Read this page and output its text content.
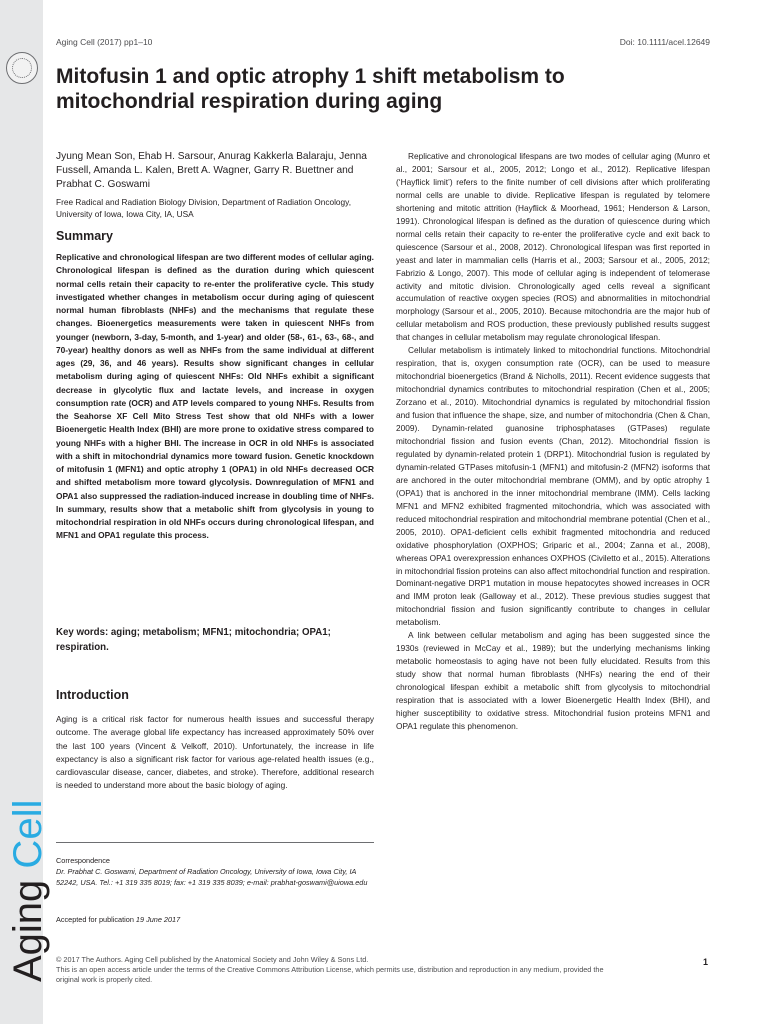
Aging Cell
Aging Cell (2017) pp1–10	Doi: 10.1111/acel.12649
Mitofusin 1 and optic atrophy 1 shift metabolism to mitochondrial respiration during aging
Jyung Mean Son, Ehab H. Sarsour, Anurag Kakkerla Balaraju, Jenna Fussell, Amanda L. Kalen, Brett A. Wagner, Garry R. Buettner and Prabhat C. Goswami
Free Radical and Radiation Biology Division, Department of Radiation Oncology, University of Iowa, Iowa City, IA, USA
Summary
Replicative and chronological lifespan are two different modes of cellular aging. Chronological lifespan is defined as the duration during which quiescent normal cells retain their capacity to re-enter the proliferative cycle. This study investigated whether changes in metabolism occur during aging of quiescent normal human fibroblasts (NHFs) and the mechanisms that regulate these changes. Bioenergetics measurements were taken in quiescent NHFs from younger (newborn, 3-day, 5-month, and 1-year) and older (58-, 61-, 63-, 68-, and 70-year) healthy donors as well as NHFs from the same individual at different ages (29, 36, and 46 years). Results show significant changes in cellular metabolism during aging of quiescent NHFs: Old NHFs exhibit a significant decrease in glycolytic flux and lactate levels, and increase in oxygen consumption rate (OCR) and ATP levels compared to young NHFs. Results from the Seahorse XF Cell Mito Stress Test show that old NHFs with a lower Bioenergetic Health Index (BHI) are more prone to oxidative stress compared to young NHFs with a higher BHI. The increase in OCR in old NHFs is associated with a shift in mitochondrial dynamics more toward fusion. Genetic knockdown of mitofusin 1 (MFN1) and optic atrophy 1 (OPA1) in old NHFs decreased OCR and shifted metabolism more toward glycolysis. Downregulation of MFN1 and OPA1 also suppressed the radiation-induced increase in doubling time of NHFs. In summary, results show that a metabolic shift from glycolysis in young to mitochondrial respiration in old NHFs occurs during chronological lifespan, and MFN1 and OPA1 regulate this process.
Key words: aging; metabolism; MFN1; mitochondria; OPA1; respiration.
Introduction
Aging is a critical risk factor for numerous health issues and successful therapy outcome. The average global life expectancy has increased approximately 50% over the last 100 years (Vincent & Velkoff, 2010). Unfortunately, the increase in life expectancy is also a significant risk factor for various age-related health issues (e.g., cardiovascular disease, cancer, diabetes, and stroke). Therefore, additional research is needed to understand more about the basic biology of aging.
Correspondence
Dr. Prabhat C. Goswami, Department of Radiation Oncology, University of Iowa, Iowa City, IA 52242, USA. Tel.: +1 319 335 8019; fax: +1 319 335 8039; e-mail: prabhat-goswami@uiowa.edu
Accepted for publication 19 June 2017

Replicative and chronological lifespans are two modes of cellular aging (Munro et al., 2001; Sarsour et al., 2005, 2012; Longo et al., 2012). Replicative lifespan (‘Hayflick limit’) refers to the finite number of cell divisions after which proliferating normal cells are unable to divide. Replicative lifespan is regulated by telomere shortening and mitotic attrition (Hayflick & Moorhead, 1961; Henderson & Larson, 1991). Chronological lifespan is defined as the duration of quiescence during which normal cells retain their capacity to re-enter the proliferative cycle and exit back to quiescence (Sarsour et al., 2008, 2012). Chronological lifespan was first reported in yeast and later in mammalian cells (Harris et al., 2003; Sarsour et al., 2005, 2012; Fabrizio & Longo, 2007). This mode of cellular aging is independent of telomerase activity and mitotic division. Chronologically aged cells reveal a significant accumulation of reactive oxygen species (ROS) and abnormalities in mitochondrial morphology (Sarsour et al., 2005, 2010). Because mitochondria are the major hub of cellular metabolism and ROS production, these previously published results suggest that changes in cellular metabolism may regulate chronological lifespan.

Cellular metabolism is intimately linked to mitochondrial functions. Mitochondrial respiration, that is, oxygen consumption rate (OCR), can be used to measure mitochondrial bioenergetics (Brand & Nicholls, 2011). Recent evidence suggests that mitochondrial dynamics contributes to mitochondrial respiration (Chen et al., 2005; Zorzano et al., 2010). Mitochondrial dynamics is regulated by mitochondrial fission and fusion that influence the shape, size, and number of mitochondria (Chen & Chan, 2009). Dynamin-related guanosine triphosphatases (GTPases) regulate mitochondrial fission and fusion events (Chan, 2012). Mitochondrial fission is regulated by dynamin-related protein 1 (DRP1). Mitochondrial fusion is regulated by dynamin-related GTPases mitofusin-1 (MFN1) and mitofusin-2 (MFN2) isoforms that are anchored in the outer mitochondrial membrane (OMM), and by optic atrophy 1 (OPA1) that is anchored in the inner mitochondrial membrane (IMM). Cells lacking MFN1 and MFN2 exhibited fragmented mitochondria, which was associated with reduced mitochondrial respiration and mitochondrial membrane potential (Chen et al., 2005, 2010). OPA1-deficient cells exhibit fragmented mitochondria and reduced oxidative phosphorylation (OXPHOS; Griparic et al., 2004; Zanna et al., 2008), whereas OPA1 overexpression enhances OXPHOS (Civiletto et al., 2015). Alterations in mitochondrial fission proteins can also affect mitochondrial function and respiration. Dominant-negative DRP1 mutation in mouse hepatocytes showed increases in OCR and IMM proton leak (Galloway et al., 2012). These previous studies suggest that mitochondrial fission and fusion significantly contribute to changes in cellular metabolism.

A link between cellular metabolism and aging has been suggested since the 1930s (reviewed in McCay et al., 1989); but the underlying mechanisms linking metabolic homeostasis to aging have not been fully elucidated. Results from this study show that normal human fibroblasts (NHFs) nearing the end of their chronological lifespan exhibit a metabolic shift from glycolysis to mitochondrial respiration that is associated with a lower Bioenergetic Health Index (BHI), and higher susceptibility to oxidative stress. Mitochondrial fusion proteins MFN1 and OPA1 regulate this phenomenon.

© 2017 The Authors. Aging Cell published by the Anatomical Society and John Wiley & Sons Ltd.
This is an open access article under the terms of the Creative Commons Attribution License, which permits use, distribution and reproduction in any medium, provided the original work is properly cited.
1
